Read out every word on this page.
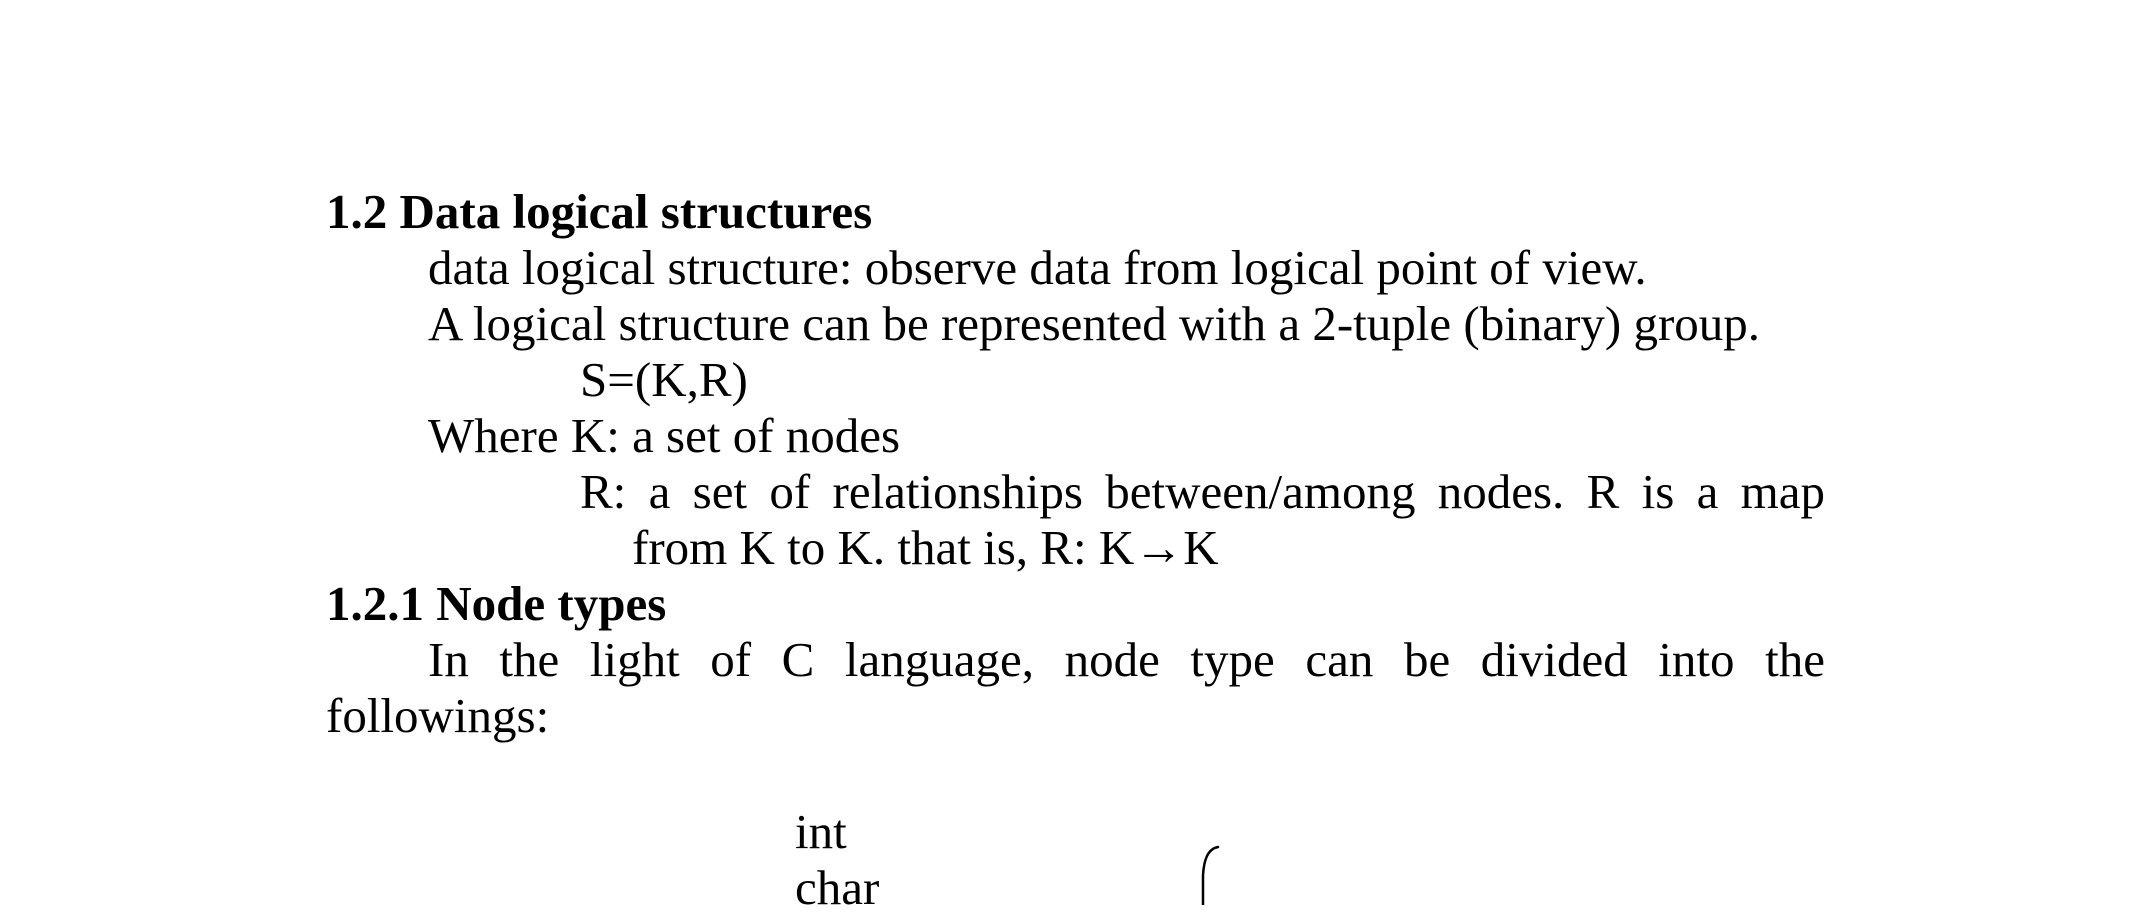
1.2 Data logical structures
data logical structure: observe data from logical point of view.
A logical structure can be represented with a 2-tuple (binary) group.
S=(K,R)
Where K: a set of nodes
R: a set of relationships between/among nodes. R is a map
from K to K. that is, R: K→K
1.2.1 Node types
In the light of C language, node type can be divided into the
followings:
int
char
